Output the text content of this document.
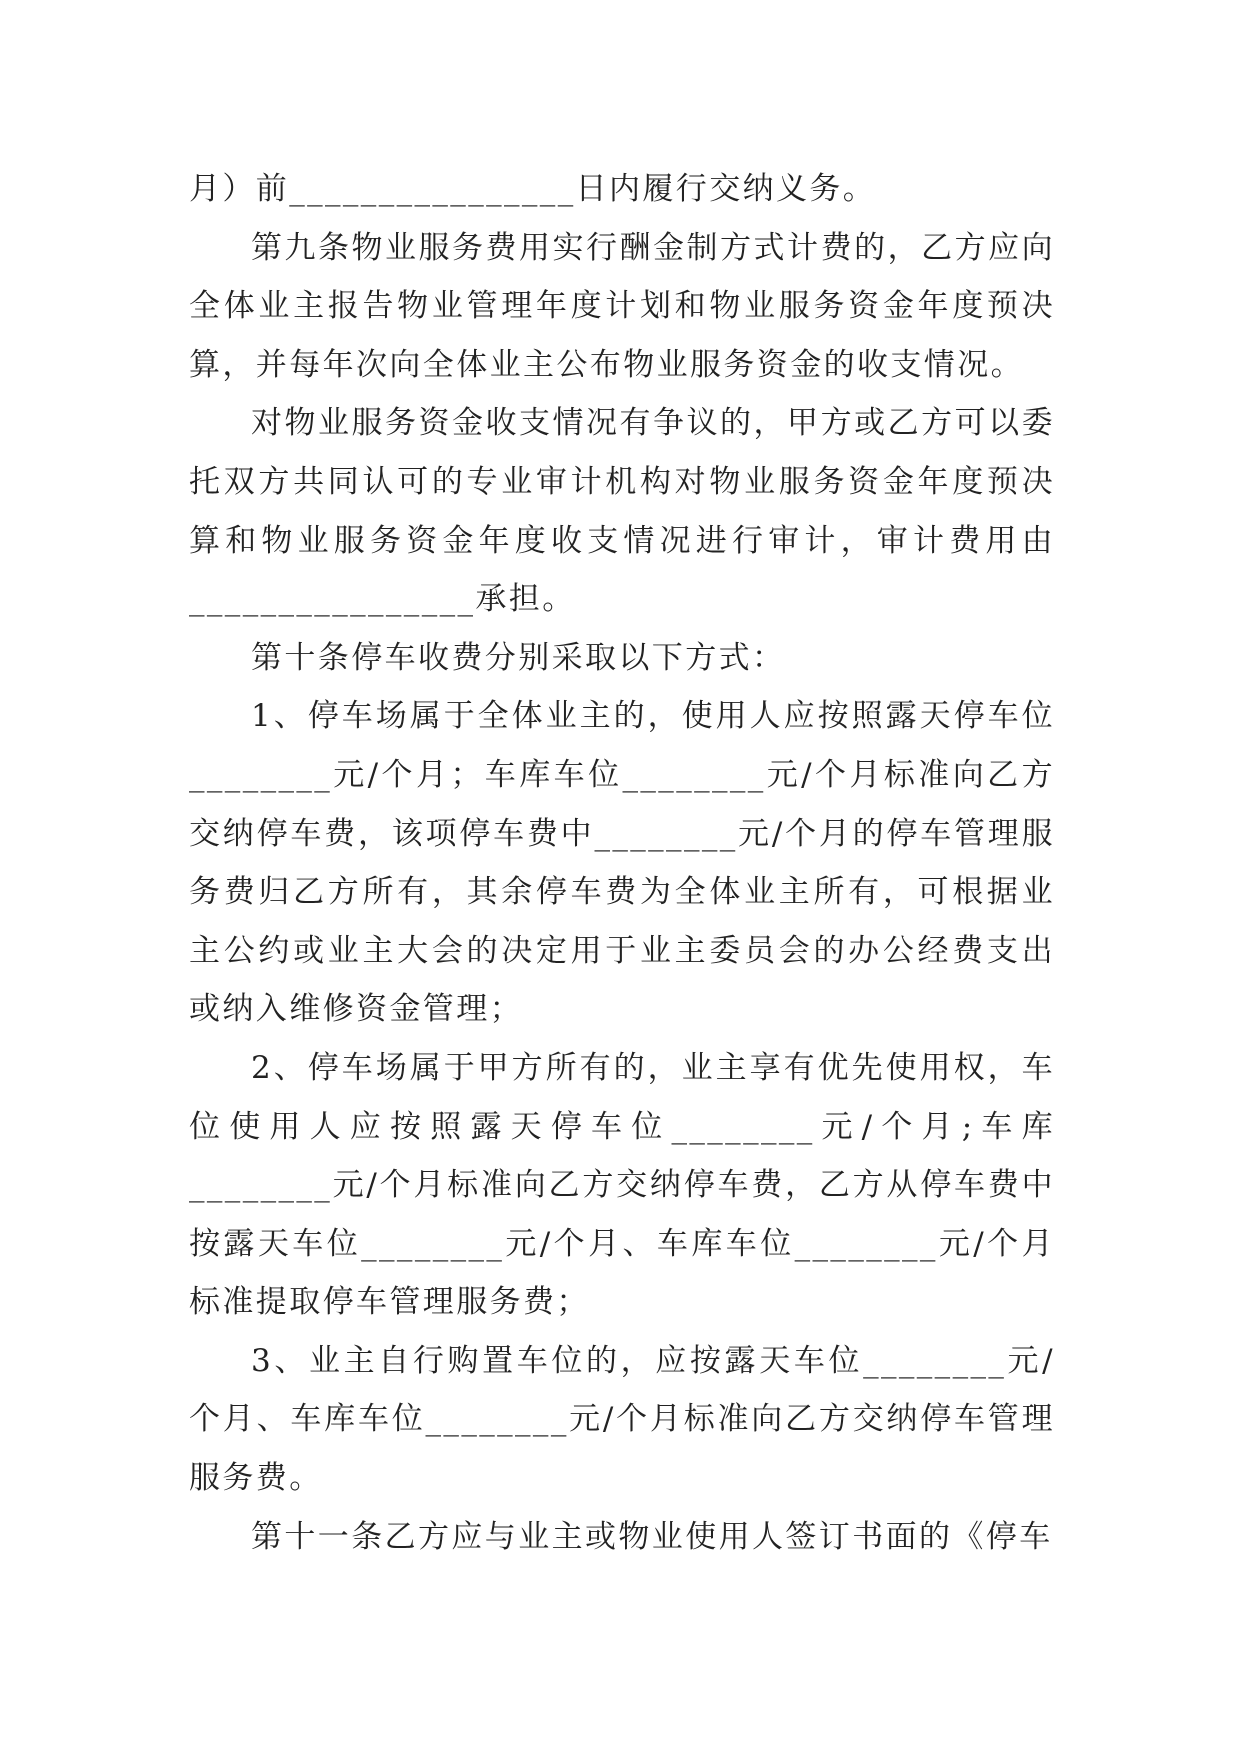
月）前________________日内履行交纳义务。

第九条物业服务费用实行酬金制方式计费的，乙方应向全体业主报告物业管理年度计划和物业服务资金年度预决算，并每年次向全体业主公布物业服务资金的收支情况。

对物业服务资金收支情况有争议的，甲方或乙方可以委托双方共同认可的专业审计机构对物业服务资金年度预决算和物业服务资金年度收支情况进行审计，审计费用由________________承担。

第十条停车收费分别采取以下方式：

1、停车场属于全体业主的，使用人应按照露天停车位________元/个月；车库车位________元/个月标准向乙方交纳停车费，该项停车费中________元/个月的停车管理服务费归乙方所有，其余停车费为全体业主所有，可根据业主公约或业主大会的决定用于业主委员会的办公经费支出或纳入维修资金管理；

2、停车场属于甲方所有的，业主享有优先使用权，车位使用人应按照露天停车位________元/个月;车库________元/个月标准向乙方交纳停车费，乙方从停车费中按露天车位________元/个月、车库车位________元/个月标准提取停车管理服务费；

3、业主自行购置车位的，应按露天车位________元/个月、车库车位________元/个月标准向乙方交纳停车管理服务费。

第十一条乙方应与业主或物业使用人签订书面的《停车
